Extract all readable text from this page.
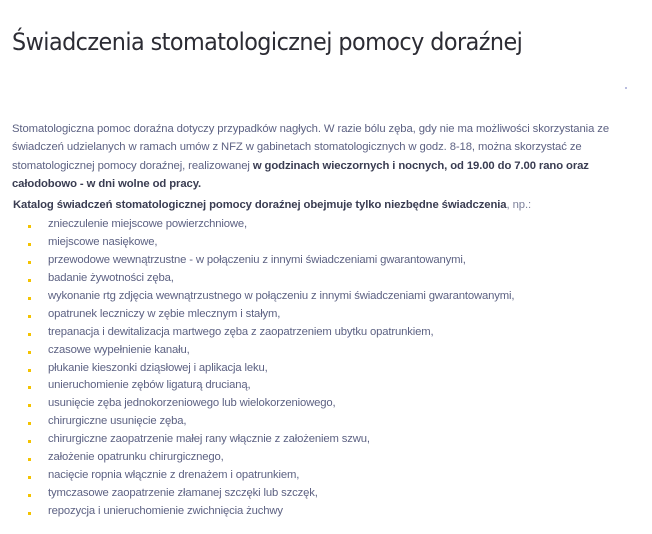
Świadczenia stomatologicznej pomocy doraźnej

Stomatologiczna pomoc doraźna dotyczy przypadków nagłych. W razie bólu zęba, gdy nie ma możliwości skorzystania ze
świadczeń udzielanych w ramach umów z NFZ w gabinetach stomatologicznych w godz. 8-18, można skorzystać ze
stomatologicznej pomocy doraźnej, realizowanej w godzinach wieczornych i nocnych, od 19.00 do 7.00 rano oraz
całodobowo - w dni wolne od pracy.

Katalog świadczeń stomatologicznej pomocy doraźnej obejmuje tylko niezbędne świadczenia, np.:

znieczulenie miejscowe powierzchniowe,
miejscowe nasiękowe,
przewodowe wewnątrzustne - w połączeniu z innymi świadczeniami gwarantowanymi,
badanie żywotności zęba,
wykonanie rtg zdjęcia wewnątrzustnego w połączeniu z innymi świadczeniami gwarantowanymi,
opatrunek leczniczy w zębie mlecznym i stałym,
trepanacja i dewitalizacja martwego zęba z zaopatrzeniem ubytku opatrunkiem,
czasowe wypełnienie kanału,
płukanie kieszonki dziąsłowej i aplikacja leku,
unieruchomienie zębów ligaturą drucianą,
usunięcie zęba jednokorzeniowego lub wielokorzeniowego,
chirurgiczne usunięcie zęba,
chirurgiczne zaopatrzenie małej rany włącznie z założeniem szwu,
założenie opatrunku chirurgicznego,
nacięcie ropnia włącznie z drenażem i opatrunkiem,
tymczasowe zaopatrzenie złamanej szczęki lub szczęk,
repozycja i unieruchomienie zwichnięcia żuchwy
